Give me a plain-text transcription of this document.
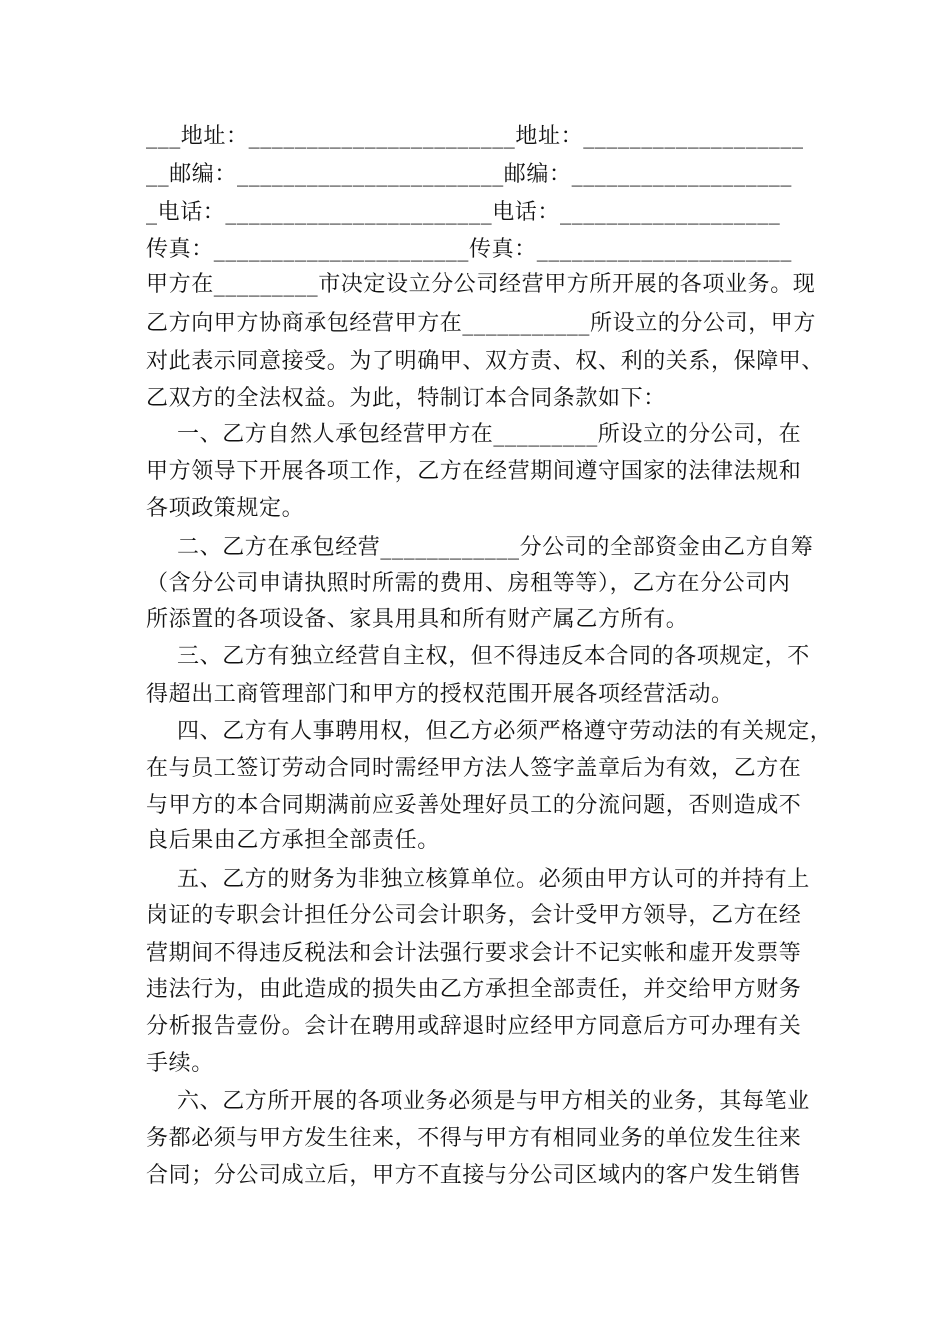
___地址：_______________________地址：___________________
__邮编：_______________________邮编：___________________
_电话：_______________________电话：___________________
传真：______________________传真：______________________
甲方在_________市决定设立分公司经营甲方所开展的各项业务。现
乙方向甲方协商承包经营甲方在___________所设立的分公司，甲方
对此表示同意接受。为了明确甲、双方责、权、利的关系，保障甲、
乙双方的全法权益。为此，特制订本合同条款如下：
一、乙方自然人承包经营甲方在_________所设立的分公司，在
甲方领导下开展各项工作，乙方在经营期间遵守国家的法律法规和
各项政策规定。
二、乙方在承包经营____________分公司的全部资金由乙方自筹
（含分公司申请执照时所需的费用、房租等等），乙方在分公司内
所添置的各项设备、家具用具和所有财产属乙方所有。
三、乙方有独立经营自主权，但不得违反本合同的各项规定，不
得超出工商管理部门和甲方的授权范围开展各项经营活动。
四、乙方有人事聘用权，但乙方必须严格遵守劳动法的有关规定，
在与员工签订劳动合同时需经甲方法人签字盖章后为有效，乙方在
与甲方的本合同期满前应妥善处理好员工的分流问题，否则造成不
良后果由乙方承担全部责任。
五、乙方的财务为非独立核算单位。必须由甲方认可的并持有上
岗证的专职会计担任分公司会计职务，会计受甲方领导，乙方在经
营期间不得违反税法和会计法强行要求会计不记实帐和虚开发票等
违法行为，由此造成的损失由乙方承担全部责任，并交给甲方财务
分析报告壹份。会计在聘用或辞退时应经甲方同意后方可办理有关
手续。
六、乙方所开展的各项业务必须是与甲方相关的业务，其每笔业
务都必须与甲方发生往来，不得与甲方有相同业务的单位发生往来
合同；分公司成立后，甲方不直接与分公司区域内的客户发生销售
